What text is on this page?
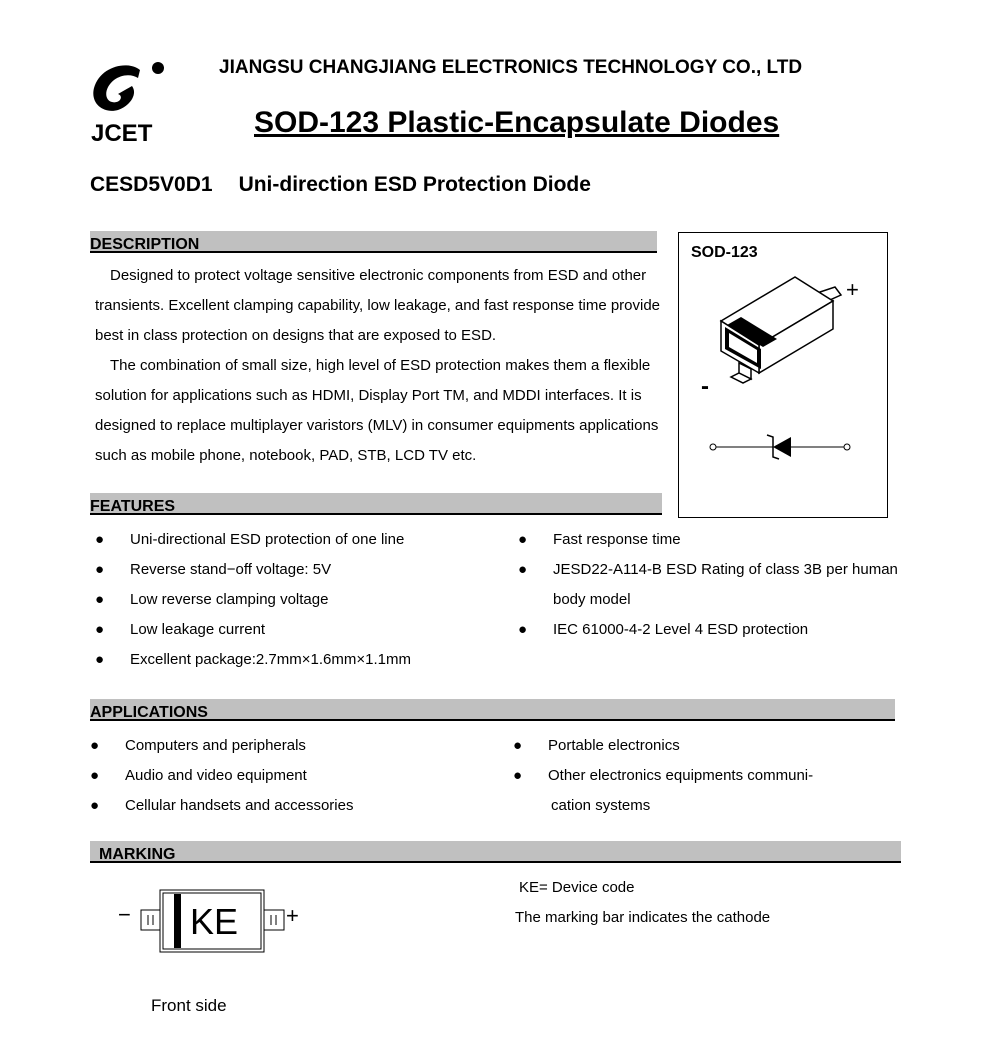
JCET
JIANGSU CHANGJIANG ELECTRONICS TECHNOLOGY CO., LTD
SOD-123 Plastic-Encapsulate Diodes
CESD5V0D1 Uni-direction ESD Protection Diode
DESCRIPTION

Designed to protect voltage sensitive electronic components from ESD and other

transients. Excellent clamping capability, low leakage, and fast response time provide

best in class protection on designs that are exposed to ESD.

The combination of small size, high level of ESD protection makes them a flexible

solution for applications such as HDMI, Display Port TM, and MDDI interfaces. It is

designed to replace multiplayer varistors (MLV) in consumer equipments applications

such as mobile phone, notebook, PAD, STB, LCD TV etc.

SOD-123
+
-
FEATURES
● Uni-directional ESD protection of one line
● Reverse stand−off voltage: 5V
● Low reverse clamping voltage
● Low leakage current
● Excellent package:2.7mm×1.6mm×1.1mm
● Fast response time
● JESD22-A114-B ESD Rating of class 3B per human
body model
● IEC 61000-4-2 Level 4 ESD protection
APPLICATIONS
● Computers and peripherals
● Audio and video equipment
● Cellular handsets and accessories
● Portable electronics
● Other electronics equipments communi-
cation systems
MARKING
− KE +
KE= Device code
The marking bar indicates the cathode
Front side
